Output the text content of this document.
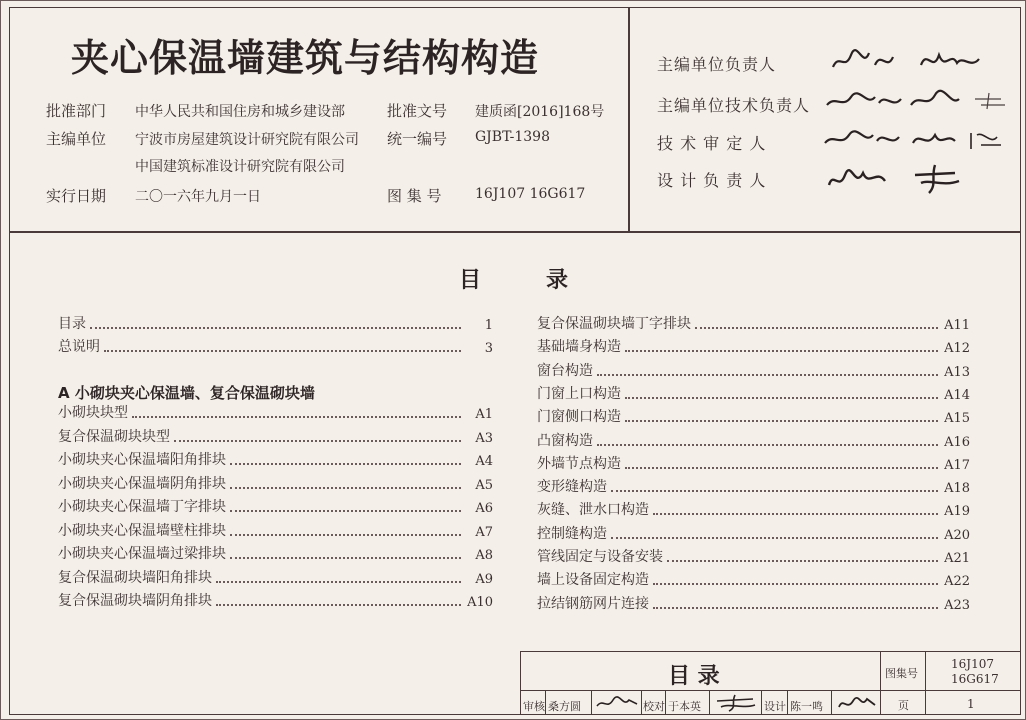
夹心保温墙建筑与结构构造
批准部门 中华人民共和国住房和城乡建设部	批准文号 建质函[2016]168号
主编单位 宁波市房屋建筑设计研究院有限公司 统一编号 GJBT-1398
中国建筑标准设计研究院有限公司
实行日期 二〇一六年九月一日	图 集 号 16J107 16G617
主编单位负责人
主编单位技术负责人
技 术 审 定 人
设 计 负 责 人
目	录
目录	1
总说明	3
A 小砌块夹心保温墙、复合保温砌块墙
小砌块块型	A1
复合保温砌块块型	A3
小砌块夹心保温墙阳角排块	A4
小砌块夹心保温墙阴角排块	A5
小砌块夹心保温墙丁字排块	A6
小砌块夹心保温墙壁柱排块	A7
小砌块夹心保温墙过梁排块	A8
复合保温砌块墙阳角排块	A9
复合保温砌块墙阴角排块	A10
复合保温砌块墙丁字排块	A11
基础墙身构造	A12
窗台构造	A13
门窗上口构造	A14
门窗侧口构造	A15
凸窗构造	A16
外墙节点构造	A17
变形缝构造	A18
灰缝、泄水口构造	A19
控制缝构造	A20
管线固定与设备安装	A21
墙上设备固定构造	A22
拉结钢筋网片连接	A23
目 录	图集号
16J107
16G617
页	1
审核 桑方圆	校对 于本英	设计 陈一鸣
